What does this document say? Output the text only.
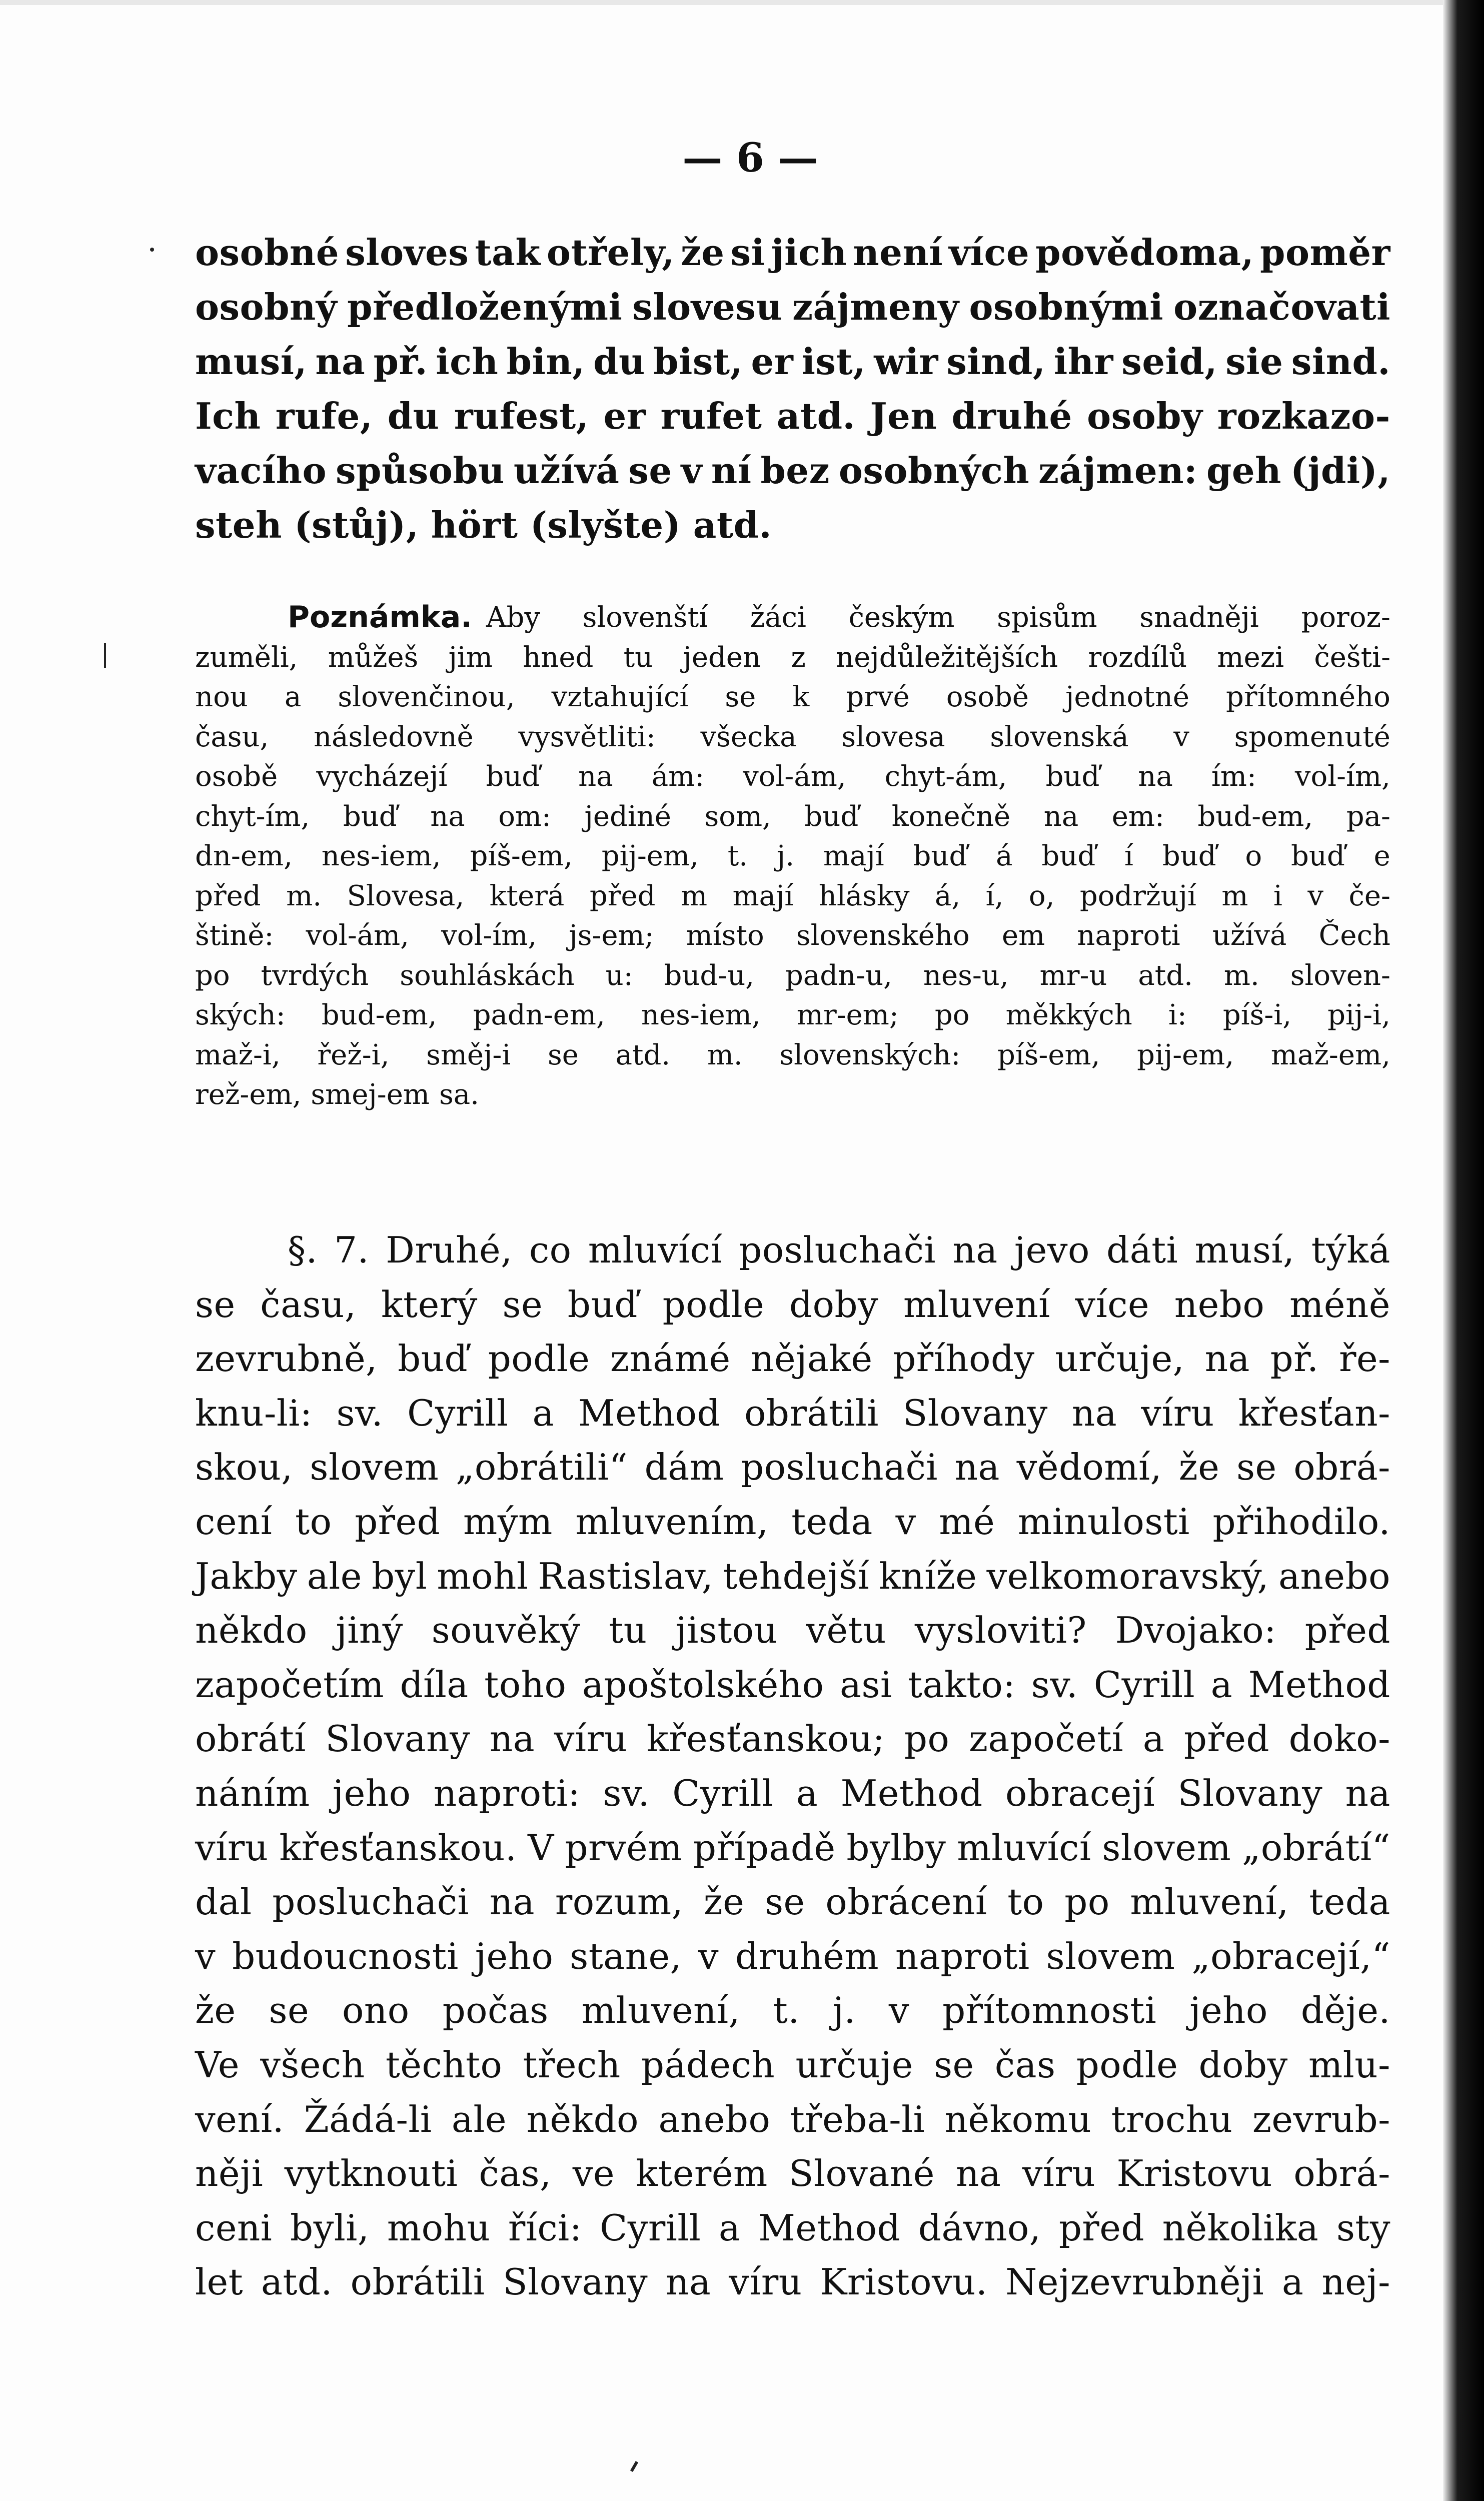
— 6 —
osobné sloves tak otřely, že si jich není více povědoma, poměr
osobný předloženými slovesu zájmeny osobnými označovati
musí, na př. ich bin, du bist, er ist, wir sind, ihr seid, sie sind.
Ich rufe, du rufest, er rufet atd. Jen druhé osoby rozkazo-
vacího spůsobu užívá se v ní bez osobných zájmen: geh (jdi),
steh (stůj), hört (slyšte) atd.
Poznámka. Aby slovenští žáci českým spisům snadněji poroz-
zuměli, můžeš jim hned tu jeden z nejdůležitějších rozdílů mezi češti-
nou a slovenčinou, vztahující se k prvé osobě jednotné přítomného
času, následovně vysvětliti: všecka slovesa slovenská v spomenuté
osobě vycházejí buď na ám: vol-ám, chyt-ám, buď na ím: vol-ím,
chyt-ím, buď na om: jediné som, buď konečně na em: bud-em, pa-
dn-em, nes-iem, píš-em, pij-em, t. j. mají buď á buď í buď o buď e
před m. Slovesa, která před m mají hlásky á, í, o, podržují m i v če-
štině: vol-ám, vol-ím, js-em; místo slovenského em naproti užívá Čech
po tvrdých souhláskách u: bud-u, padn-u, nes-u, mr-u atd. m. sloven-
ských: bud-em, padn-em, nes-iem, mr-em; po měkkých i: píš-i, pij-i,
maž-i, řež-i, směj-i se atd. m. slovenských: píš-em, pij-em, maž-em,
rež-em, smej-em sa.
§. 7. Druhé, co mluvící posluchači na jevo dáti musí, týká
se času, který se buď podle doby mluvení více nebo méně
zevrubně, buď podle známé nějaké příhody určuje, na př. ře-
knu-li: sv. Cyrill a Method obrátili Slovany na víru křesťan-
skou, slovem „obrátili“ dám posluchači na vědomí, že se obrá-
cení to před mým mluvením, teda v mé minulosti přihodilo.
Jakby ale byl mohl Rastislav, tehdejší kníže velkomoravský, anebo
někdo jiný souvěký tu jistou větu vysloviti? Dvojako: před
započetím díla toho apoštolského asi takto: sv. Cyrill a Method
obrátí Slovany na víru křesťanskou; po započetí a před doko-
náním jeho naproti: sv. Cyrill a Method obracejí Slovany na
víru křesťanskou. V prvém případě bylby mluvící slovem „obrátí“
dal posluchači na rozum, že se obrácení to po mluvení, teda
v budoucnosti jeho stane, v druhém naproti slovem „obracejí,“
že se ono počas mluvení, t. j. v přítomnosti jeho děje.
Ve všech těchto třech pádech určuje se čas podle doby mlu-
vení. Žádá-li ale někdo anebo třeba-li někomu trochu zevrub-
něji vytknouti čas, ve kterém Slované na víru Kristovu obrá-
ceni byli, mohu říci: Cyrill a Method dávno, před několika sty
let atd. obrátili Slovany na víru Kristovu. Nejzevrubněji a nej-
